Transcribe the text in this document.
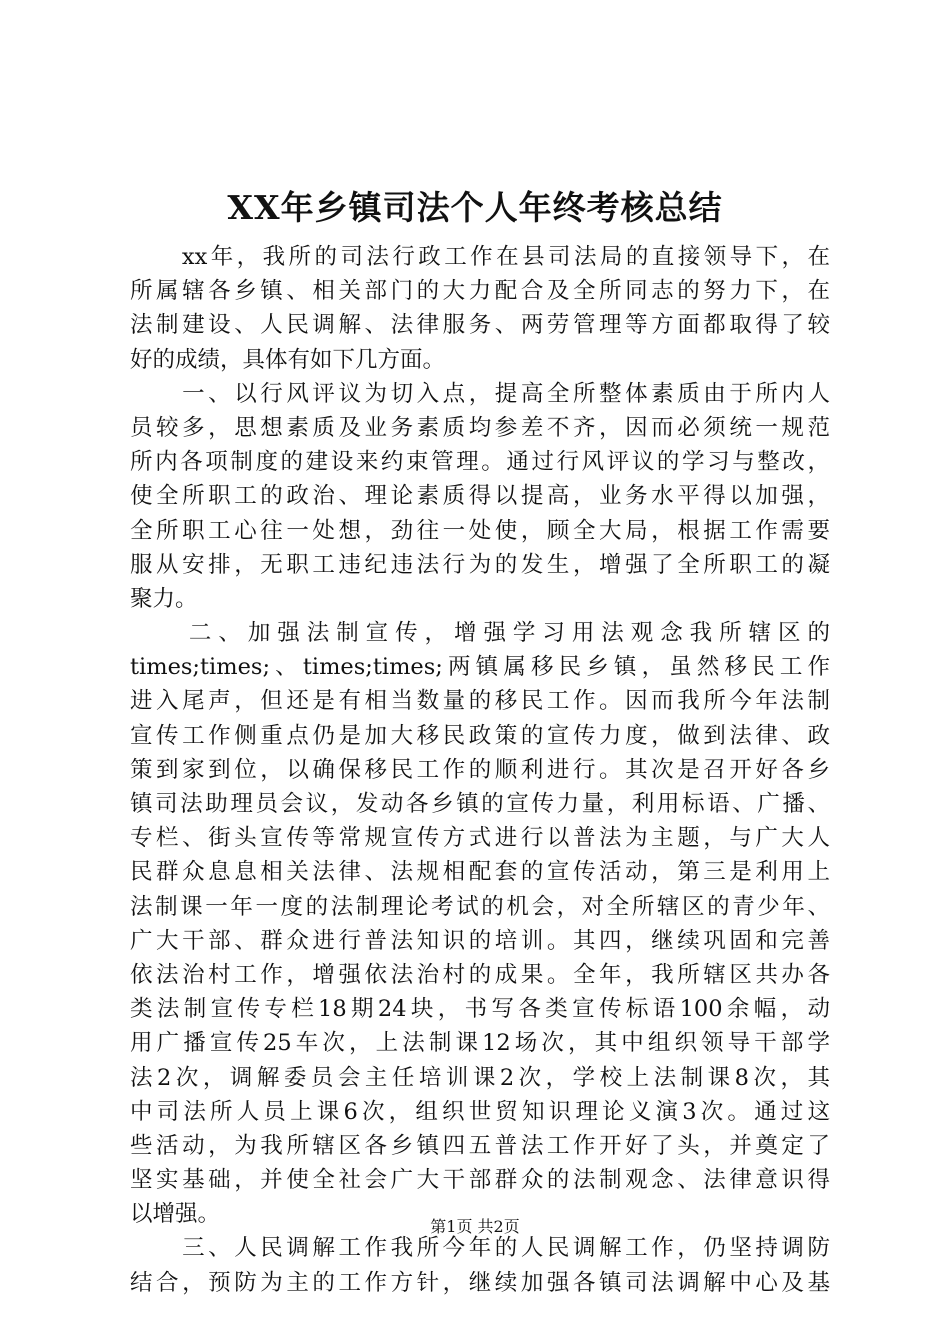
XX年乡镇司法个人年终考核总结
　　xx年，我所的司法行政工作在县司法局的直接领导下，在
所属辖各乡镇、相关部门的大力配合及全所同志的努力下，在
法制建设、人民调解、法律服务、两劳管理等方面都取得了较
好的成绩，具体有如下几方面。
　　一、以行风评议为切入点，提高全所整体素质由于所内人
员较多，思想素质及业务素质均参差不齐，因而必须统一规范
所内各项制度的建设来约束管理。通过行风评议的学习与整改，
使全所职工的政治、理论素质得以提高，业务水平得以加强，
全所职工心往一处想，劲往一处使，顾全大局，根据工作需要
服从安排，无职工违纪违法行为的发生，增强了全所职工的凝
聚力。
　　二、加强法制宣传，增强学习用法观念我所辖区的
times;times;、times;times;两镇属移民乡镇，虽然移民工作
进入尾声，但还是有相当数量的移民工作。因而我所今年法制
宣传工作侧重点仍是加大移民政策的宣传力度，做到法律、政
策到家到位，以确保移民工作的顺利进行。其次是召开好各乡
镇司法助理员会议，发动各乡镇的宣传力量，利用标语、广播、
专栏、街头宣传等常规宣传方式进行以普法为主题，与广大人
民群众息息相关法律、法规相配套的宣传活动，第三是利用上
法制课一年一度的法制理论考试的机会，对全所辖区的青少年、
广大干部、群众进行普法知识的培训。其四，继续巩固和完善
依法治村工作，增强依法治村的成果。全年，我所辖区共办各
类法制宣传专栏18期24块，书写各类宣传标语100余幅，动
用广播宣传25车次，上法制课12场次，其中组织领导干部学
法2次，调解委员会主任培训课2次，学校上法制课8次，其
中司法所人员上课6次，组织世贸知识理论义演3次。通过这
些活动，为我所辖区各乡镇四五普法工作开好了头，并奠定了
坚实基础，并使全社会广大干部群众的法制观念、法律意识得
以增强。
　　三、人民调解工作我所今年的人民调解工作，仍坚持调防
结合，预防为主的工作方针，继续加强各镇司法调解中心及基
第1页 共2页
